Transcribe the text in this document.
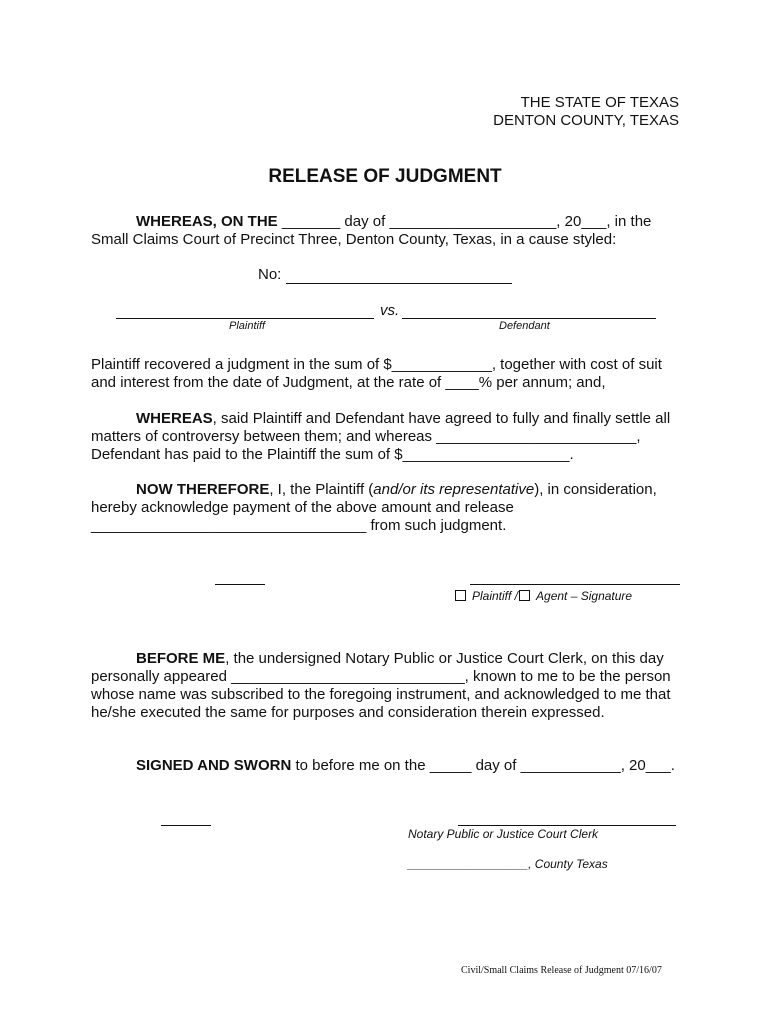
THE STATE OF TEXAS
DENTON COUNTY, TEXAS
RELEASE OF JUDGMENT
WHEREAS, ON THE _______ day of ____________________, 20___, in the
Small Claims Court of Precinct Three, Denton County, Texas, in a cause styled:
No:
vs.
Plaintiff	Defendant
Plaintiff recovered a judgment in the sum of $____________, together with cost of suit
and interest from the date of Judgment, at the rate of ____% per annum; and,
WHEREAS, said Plaintiff and Defendant have agreed to fully and finally settle all
matters of controversy between them; and whereas ________________________,
Defendant has paid to the Plaintiff the sum of $____________________.
NOW THEREFORE, I, the Plaintiff (and/or its representative), in consideration,
hereby acknowledge payment of the above amount and release
_________________________________ from such judgment.
Plaintiff / Agent – Signature
BEFORE ME, the undersigned Notary Public or Justice Court Clerk, on this day
personally appeared ____________________________, known to me to be the person
whose name was subscribed to the foregoing instrument, and acknowledged to me that
he/she executed the same for purposes and consideration therein expressed.
SIGNED AND SWORN to before me on the _____ day of ____________, 20___.
Notary Public or Justice Court Clerk
__________________, County Texas
Civil/Small Claims Release of Judgment 07/16/07
